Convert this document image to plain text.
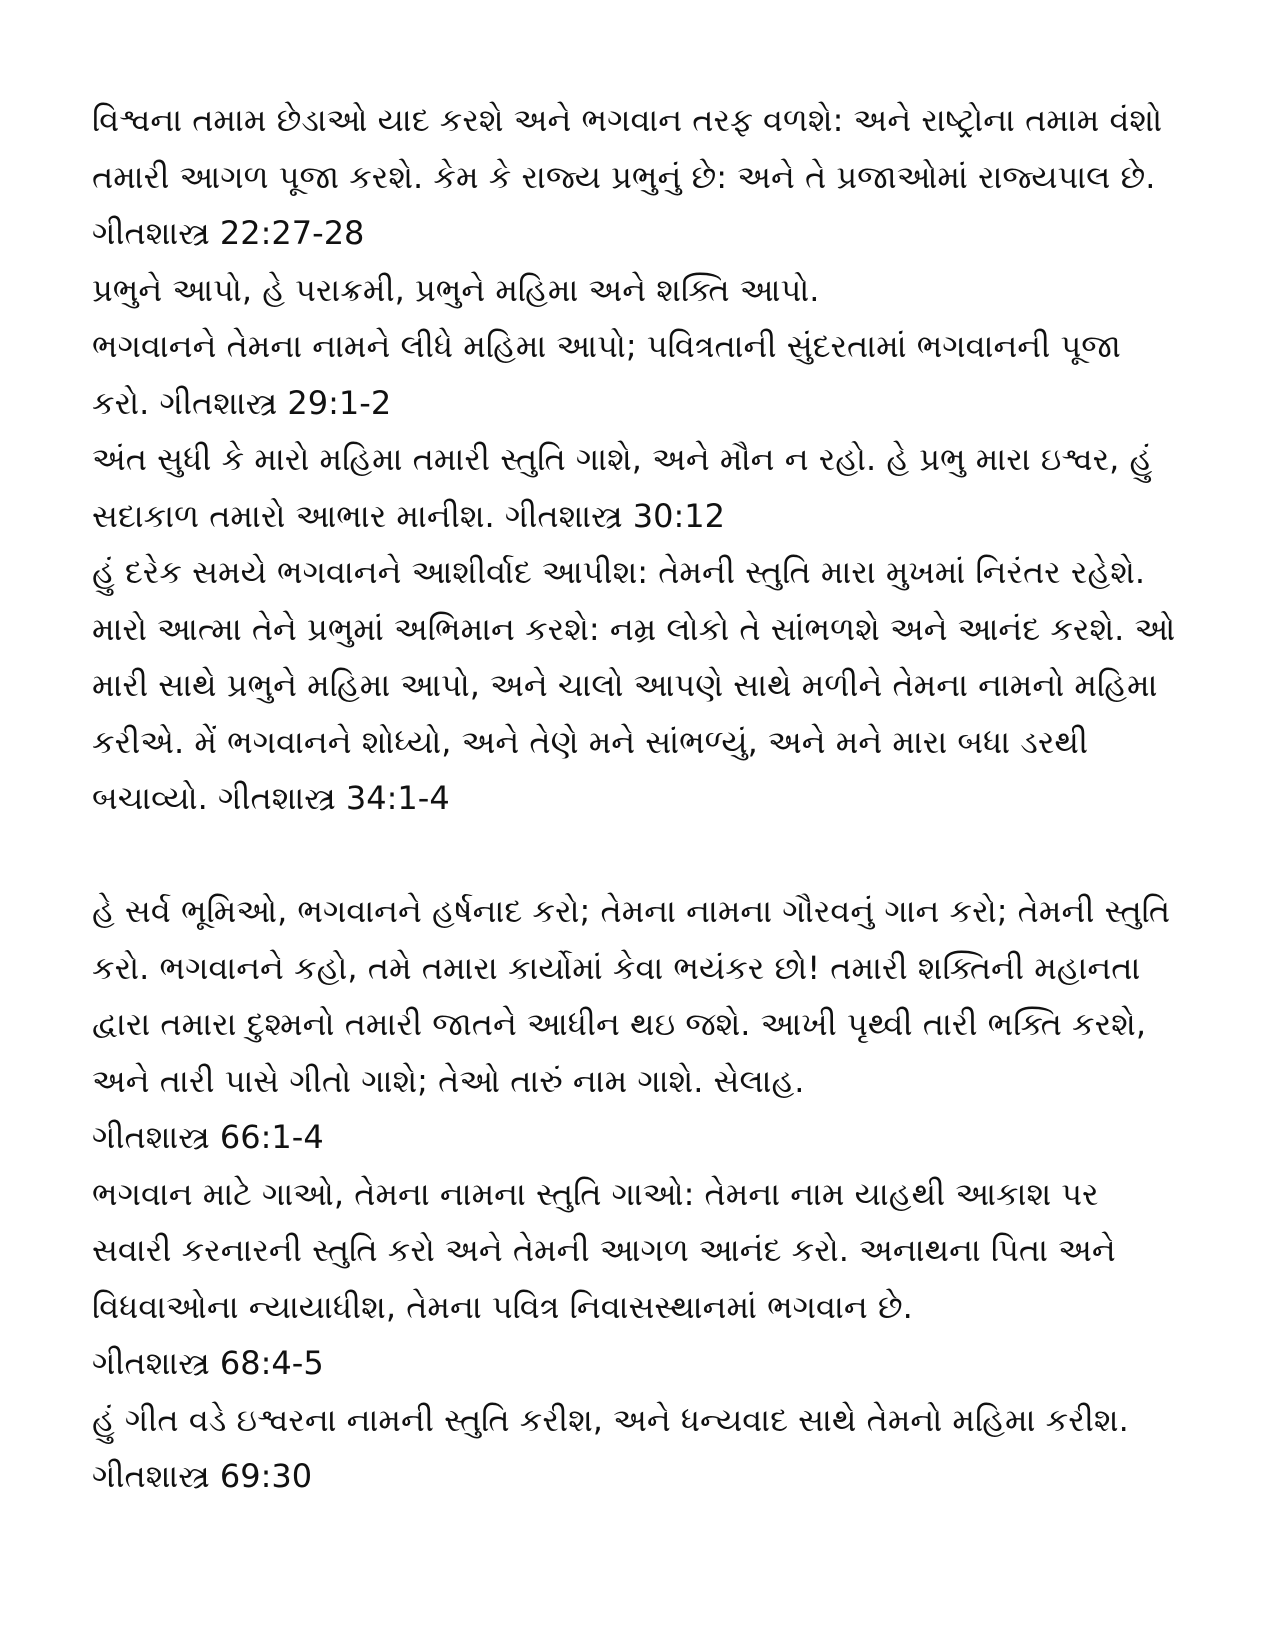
વિશ્વના તમામ છેડાઓ યાદ કરશે અને ભગવાન તરફ વળશે: અને રાષ્ટ્રોના તમામ વંશો તમારી આગળ પૂજા કરશે. કેમ કે રાજ્ય પ્રભુનું છે: અને તે પ્રજાઓમાં રાજ્યપાલ છે. ગીતશાસ્ત્ર 22:27-28

પ્રભુને આપો, હે પરાક્રમી, પ્રભુને મહિમા અને શક્તિ આપો.

ભગવાનને તેમના નામને લીધે મહિમા આપો; પવિત્રતાની સુંદરતામાં ભગવાનની પૂજા કરો. ગીતશાસ્ત્ર 29:1-2

અંત સુધી કે મારો મહિમા તમારી સ્તુતિ ગાશે, અને મૌન ન રહો. હે પ્રભુ મારા ઇશ્વર, હું સદાકાળ તમારો આભાર માનીશ. ગીતશાસ્ત્ર 30:12

હું દરેક સમયે ભગવાનને આશીર્વાદ આપીશ: તેમની સ્તુતિ મારા મુખમાં નિરંતર રહેશે. મારો આત્મા તેને પ્રભુમાં અભિમાન કરશે: નમ્ર લોકો તે સાંભળશે અને આનંદ કરશે. ઓ મારી સાથે પ્રભુને મહિમા આપો, અને ચાલો આપણે સાથે મળીને તેમના નામનો મહિમા કરીએ. મેં ભગવાનને શોધ્યો, અને તેણે મને સાંભળ્યું, અને મને મારા બધા ડરથી બચાવ્યો. ગીતશાસ્ત્ર 34:1-4

હે સર્વ ભૂમિઓ, ભગવાનને હર્ષનાદ કરો; તેમના નામના ગૌરવનું ગાન કરો; તેમની સ્તુતિ કરો. ભગવાનને કહો, તમે તમારા કાર્યોમાં કેવા ભયંકર છો! તમારી શક્તિની મહાનતા દ્વારા તમારા દુશ્મનો તમારી જાતને આધીન થઇ જશે. આખી પૃથ્વી તારી ભક્તિ કરશે, અને તારી પાસે ગીતો ગાશે; તેઓ તારું નામ ગાશે. સેલાહ.

ગીતશાસ્ત્ર 66:1-4

ભગવાન માટે ગાઓ, તેમના નામના સ્તુતિ ગાઓ: તેમના નામ યાહથી આકાશ પર સવારી કરનારની સ્તુતિ કરો અને તેમની આગળ આનંદ કરો. અનાથના પિતા અને વિધવાઓના ન્યાયાધીશ, તેમના પવિત્ર નિવાસસ્થાનમાં ભગવાન છે.

ગીતશાસ્ત્ર 68:4-5

હું ગીત વડે ઇશ્વરના નામની સ્તુતિ કરીશ, અને ધન્યવાદ સાથે તેમનો મહિમા કરીશ. ગીતશાસ્ત્ર 69:30
